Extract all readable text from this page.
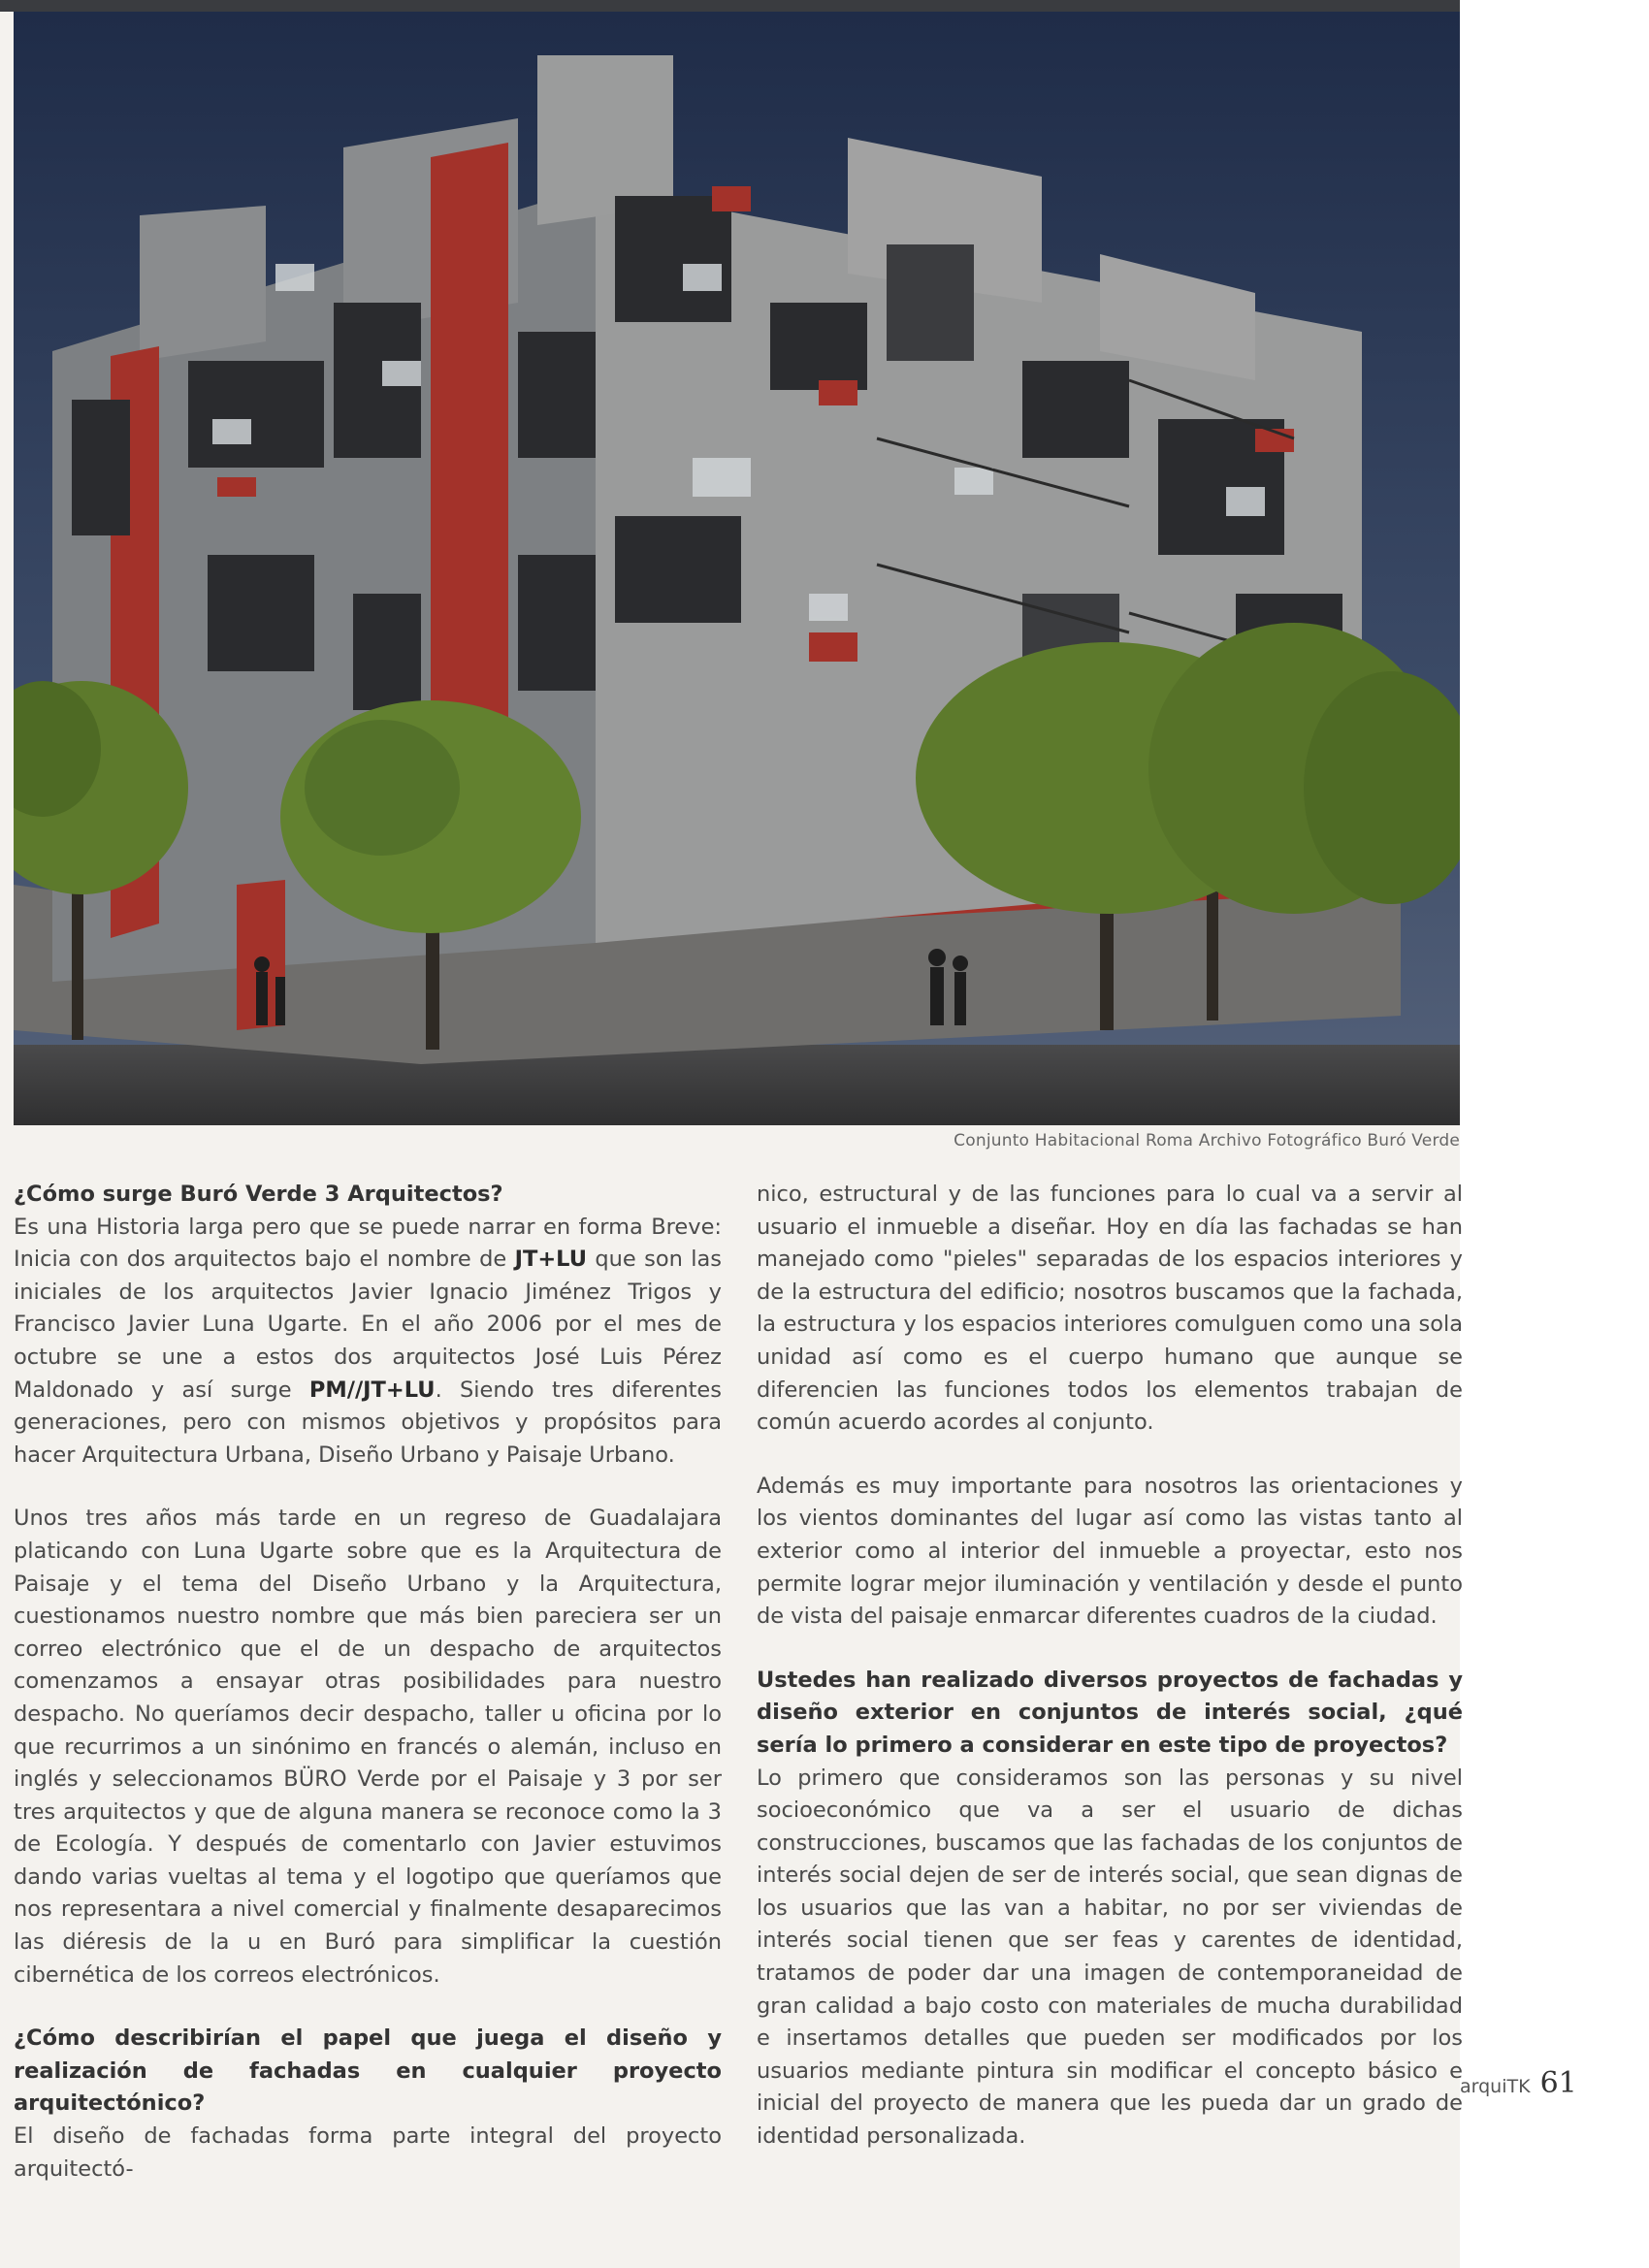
Conjunto Habitacional Roma Archivo Fotográfico Buró Verde

¿Cómo surge Buró Verde 3 Arquitectos?

Es una Historia larga pero que se puede narrar en forma Breve: Inicia con dos arquitectos bajo el nombre de JT+LU que son las iniciales de los arquitectos Javier Ignacio Jiménez Trigos y Francisco Javier Luna Ugarte. En el año 2006 por el mes de octubre se une a estos dos arquitectos José Luis Pérez Maldonado y así surge PM//JT+LU. Siendo tres diferentes generaciones, pero con mismos objetivos y propósitos para hacer Arquitectura Urbana, Diseño Urbano y Paisaje Urbano.

Unos tres años más tarde en un regreso de Guadalajara platicando con Luna Ugarte sobre que es la Arquitectura de Paisaje y el tema del Diseño Urbano y la Arquitectura, cuestionamos nuestro nombre que más bien pareciera ser un correo electrónico que el de un despacho de arquitectos comenzamos a ensayar otras posibilidades para nuestro despacho. No queríamos decir despacho, taller u oficina por lo que recurrimos a un sinónimo en francés o alemán, incluso en inglés y seleccionamos BÜRO Verde por el Paisaje y 3 por ser tres arquitectos y que de alguna manera se reconoce como la 3 de Ecología. Y después de comentarlo con Javier estuvimos dando varias vueltas al tema y el logotipo que queríamos que nos representara a nivel comercial y finalmente desaparecimos las diéresis de la u en Buró para simplificar la cuestión cibernética de los correos electrónicos.

¿Cómo describirían el papel que juega el diseño y realización de fachadas en cualquier proyecto arquitectónico?

El diseño de fachadas forma parte integral del proyecto arquitectó-

nico, estructural y de las funciones para lo cual va a servir al usuario el inmueble a diseñar. Hoy en día las fachadas se han manejado como "pieles" separadas de los espacios interiores y de la estructura del edificio; nosotros buscamos que la fachada, la estructura y los espacios interiores comulguen como una sola unidad así como es el cuerpo humano que aunque se diferencien las funciones todos los elementos trabajan de común acuerdo acordes al conjunto.

Además es muy importante para nosotros las orientaciones y los vientos dominantes del lugar así como las vistas tanto al exterior como al interior del inmueble a proyectar, esto nos permite lograr mejor iluminación y ventilación y desde el punto de vista del paisaje enmarcar diferentes cuadros de la ciudad.

Ustedes han realizado diversos proyectos de fachadas y diseño exterior en conjuntos de interés social, ¿qué sería lo primero a considerar en este tipo de proyectos?

Lo primero que consideramos son las personas y su nivel socioeconómico que va a ser el usuario de dichas construcciones, buscamos que las fachadas de los conjuntos de interés social dejen de ser de interés social, que sean dignas de los usuarios que las van a habitar, no por ser viviendas de interés social tienen que ser feas y carentes de identidad, tratamos de poder dar una imagen de contemporaneidad de gran calidad a bajo costo con materiales de mucha durabilidad e insertamos detalles que pueden ser modificados por los usuarios mediante pintura sin modificar el concepto básico e inicial del proyecto de manera que les pueda dar un grado de identidad personalizada.

arquiTK 61
